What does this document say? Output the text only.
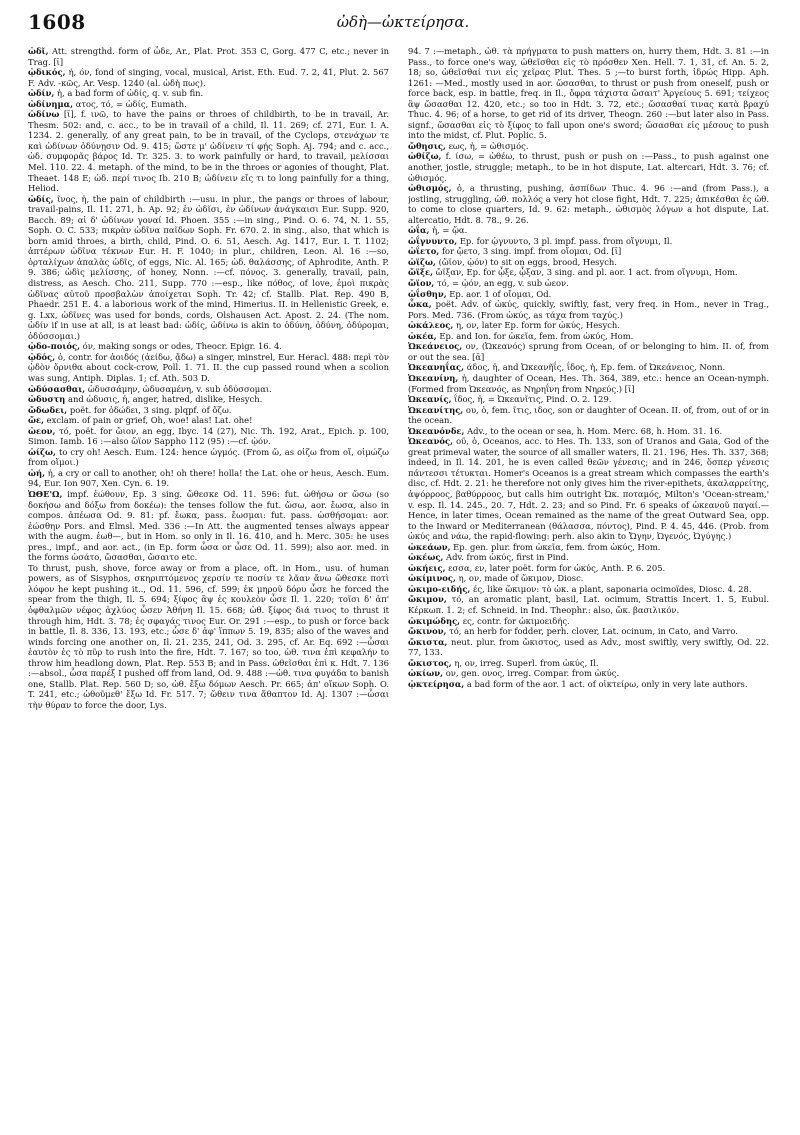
1608	ὠδὴ—ὠκτείρησα.

ὠδῖ, Att. strengthd. form of ὧδε, Ar., Plat. Prot. 353 C, Gorg. 477 C, etc.; never in Trag. [ῑ]

ᾠδικός, ή, όν, fond of singing, vocal, musical, Arist. Eth. Eud. 7. 2, 41, Plut. 2. 567 F. Adv. -κῶς, Ar. Vesp. 1240 (al. ὠδὴ πως).

ὠδίν, ἡ, a bad form of ὠδίς, q. v. sub fin.

ὠδίνημα, ατος, τό, = ὠδίς, Eumath.

ὠδίνω [ῑ], f. ινῶ, to have the pains or throes of childbirth, to be in travail, Ar. Thesm. 502: and, c. acc., to be in travail of a child, Il. 11. 269; cf. 271, Eur. I. A. 1234. 2. generally, of any great pain, to be in travail, of the Cyclops, στενάχων τε καὶ ὠδίνων ὀδύνῃσιν Od. 9. 415; ὥστε μ' ὠδίνειν τί φῄς Soph. Aj. 794; and c. acc., ὠδ. συμφορᾶς βάρος Id. Tr. 325. 3. to work painfully or hard, to travail, μελίσσαι Mel. 110. 22. 4. metaph. of the mind, to be in the throes or agonies of thought, Plat. Theaet. 148 E; ὠδ. περί τινος Ib. 210 B; ὠδίνειν εἴς τι to long painfully for a thing, Heliod.

ὠδίς, ῖνος, ἡ, the pain of childbirth :—usu. in plur., the pangs or throes of labour, travail-pains, Il. 11. 271, h. Ap. 92; ἐν ὠδῖσι, ἐν ὠδίνων ἀνάγκαισι Eur. Supp. 920, Bacch. 89; αἱ δ' ὠδίνων γοναί Id. Phoen. 355 :—in sing., Pind. O. 6. 74, N. 1. 55, Soph. O. C. 533; πικρὰν ὠδῖνα παῖδων Soph. Fr. 670. 2. in sing., also, that which is born amid throes, a birth, child, Pind. O. 6. 51, Aesch. Ag. 1417, Eur. I. T. 1102; ἀπτέρων ὠδῖνα τέκνων Eur. H. F. 1040; in plur., children, Leon. Al. 16 :—so, ὀρταλίχων ἀπαλὰς ὠδῖς, of eggs, Nic. Al. 165; ὠδ. θαλάσσης, of Aphrodite, Anth. P. 9. 386; ὠδὶς μελίσσης, of honey, Nonn. :—cf. πόνος. 3. generally, travail, pain, distress, as Aesch. Cho. 211, Supp. 770 :—esp., like πόθος, of love, ἐμοὶ πικρὰς ὠδῖνας αὐτοῦ προσβαλὼν ἀποίχεται Soph. Tr. 42; cf. Stallb. Plat. Rep. 490 B, Phaedr. 251 E. 4. a laborious work of the mind, Himerius. II. in Hellenistic Greek, e. g. Lxx, ὠδῖνες was used for bonds, cords, Olshausen Act. Apost. 2. 24. (The nom. ὠδίν if in use at all, is at least bad: ὠδίς, ὠδίνω is akin to ὀδύνη, ὀδύνη, ὀδύρομαι, ὀδύσσομαι.)

ᾠδο-ποιός, όν, making songs or odes, Theocr. Epigr. 16. 4.

ᾠδός, ὁ, contr. for ἀοιδός (ἀείδω, ᾄδω) a singer, minstrel, Eur. Heracl. 488: περὶ τὸν ᾠδὸν ὄρνιθα about cock-crow, Poll. 1. 71. II. the cup passed round when a scolion was sung, Antiph. Diplas. 1; cf. Ath. 503 D.

ὠδύσασθαι, ὠδυσσάμην, ὠδυσαμένη, v. sub ὀδύσσομαι.

ὠδυστη and ὠδυσις, ἡ, anger, hatred, dislike, Hesych.

ὤδωδει, poët. for ὀδώδει, 3 sing. plqpf. of ὄζω.

ὤε, exclam. of pain or grief, Oh, woe! alas! Lat. ohe!

ὠεον, τό, poët. for ὤιον, an egg, Ibyc. 14 (27), Nic. Th. 192, Arat., Epich. p. 100, Simon. Iamb. 16 :—also ὤϊον Sappho 112 (95) :—cf. ᾠόν.

ὠίζω, to cry oh! Aesch. Eum. 124: hence ὠγμός. (From ὤ, as οἰζω from οἴ, οἰμώζω from οἴμοι.)

ὠή, ἡ, a cry or call to another, oh! oh there! holla! the Lat. ohe or heus, Aesch. Eum. 94, Eur. Ion 907, Xen. Cyn. 6. 19.

ὨΘΕ'Ω, impf. ἐώθουν, Ep. 3 sing. ὤθεσκε Od. 11. 596: fut. ὠθήσω or ὤσω (so δοκήσω and δόξω from δοκέω): the tenses follow the fut. ὤσω, aor. ἔωσα, also in compos. ἀπέωσα Od. 9. 81: pf. ἔωκα, pass. ἔωσμαι: fut. pass. ὠσθήσομαι: aor. ἐώσθην Pors. and Elmsl. Med. 336 :—In Att. the augmented tenses always appear with the augm. ἐωθ—, but in Hom. so only in Il. 16. 410, and h. Merc. 305: he uses pres., impf., and aor. act., (in Ep. form ὦσα or ὦσε Od. 11. 599); also aor. med. in the forms ὠσάτο, ὤσασθαι, ὤσαιτο etc.

To thrust, push, shove, force away or from a place, oft. in Hom., usu. of human powers, as of Sisyphos, σκηριπτόμενος χερσίν τε ποσίν τε λᾶαν ἄνω ὤθεσκε ποτὶ λόφον he kept pushing it.., Od. 11. 596, cf. 599; ἐκ μηροῦ δόρυ ὦσε he forced the spear from the thigh, Il. 5. 694; ξίφος ἂψ ἐς κουλεὸν ὦσε Il. 1. 220; τοῖσι δ' ἀπ' ὀφθαλμῶν νέφος ἀχλύος ὦσεν Ἀθήνη Il. 15. 668; ὠθ. ξίφος διά τινος to thrust it through him, Hdt. 3. 78; ἐς σφαγάς τινος Eur. Or. 291 :—esp., to push or force back in battle, Il. 8. 336, 13. 193, etc.; ὦσε δ' ἀφ' ἵππων 5. 19, 835; also of the waves and winds forcing one another on, Il. 21. 235, 241, Od. 3. 295, cf. Ar. Eq. 692 :—ὦσαι ἑαυτὸν ἐς τὸ πῦρ to rush into the fire, Hdt. 7. 167; so too, ὠθ. τινα ἐπὶ κεφαλήν to throw him headlong down, Plat. Rep. 553 B; and in Pass. ὠθεῖσθαι ἐπὶ κ. Hdt. 7. 136 :—absol., ὦσα παρέξ I pushed off from land, Od. 9. 488 :—ὠθ. τινα φυγάδα to banish one, Stallb. Plat. Rep. 560 D; so, ὠθ. ἔξω δόμων Aesch. Pr. 665; ἀπ' οἴκων Soph. O. T. 241, etc.; ὠθοῦμεθ' ἔξω Id. Fr. 517. 7; ὤθειν τινα ἄθαπτον Id. Aj. 1307 :—ὦσαι τὴν θύραν to force the door, Lys.

94. 7 :—metaph., ὠθ. τὰ πρήγματα to push matters on, hurry them, Hdt. 3. 81 :—in Pass., to force one's way, ὠθεῖσθαι εἰς τὸ πρόσθεν Xen. Hell. 7. 1, 31, cf. An. 5. 2, 18; so, ὠθεῖσθαί τινι εἰς χεῖρας Plut. Thes. 5 ;—to burst forth, ἱδρώς Hipp. Aph. 1261: —Med., mostly used in aor. ὤσασθαι, to thrust or push from oneself, push or force back, esp. in battle, freq. in Il., ὄφρα τάχιστα ὤσαιτ' Ἀργείους 5. 691; τείχεος ἂψ ὤσασθαι 12. 420, etc.; so too in Hdt. 3. 72, etc.; ὤσασθαί τινας κατὰ βραχύ Thuc. 4. 96; of a horse, to get rid of its driver, Theogn. 260 :—but later also in Pass. signf., ὤσασθαι εἰς τὸ ξίφος to fall upon one's sword; ὤσασθαι εἰς μέσους to push into the midst, cf. Plut. Poplic. 5.

ὤθησις, εως, ἡ, = ὠθισμός.

ὠθίζω, f. ίσω, = ὠθέω, to thrust, push or push on :—Pass., to push against one another, jostle, struggle; metaph., to be in hot dispute, Lat. altercari, Hdt. 3. 76; cf. ὠθισμός.

ὠθισμός, ὁ, a thrusting, pushing, ἀσπίδων Thuc. 4. 96 :—and (from Pass.), a jostling, struggling, ὠθ. πολλός a very hot close fight, Hdt. 7. 225; ἀπικέσθαι ἐς ὠθ. to come to close quarters, Id. 9. 62: metaph., ὠθισμὸς λόγων a hot dispute, Lat. altercatio, Hdt. 8. 78., 9. 26.

ὠΐα, ἡ, = ᾤα.

ὠΐγνυντο, Ep. for ᾠγνυντο, 3 pl. impf. pass. from οἴγνυμι, Il.

ὠΐετο, for ᾤετο, 3 sing. impf. from οἴομαι, Od. [ῑ]

ὠϊζω, (ὤϊον, ᾠόν) to sit on eggs, brood, Hesych.

ὤϊξε, ὤϊξαν, Ep. for ᾦξε, ᾦξαν, 3 sing. and pl. aor. 1 act. from οἴγνυμι, Hom.

ὤϊον, τό, = ᾠόν, an egg, v. sub ὠεον.

ὠΐσθην, Ep. aor. 1 of οἴομαι, Od.

ὦκα, poët. Adv. of ὠκύς, quickly, swiftly, fast, very freq. in Hom., never in Trag., Pors. Med. 736. (From ὠκύς, as τάχα from ταχύς.)

ὠκάλεος, η, ον, later Ep. form for ὠκύς, Hesych.

ὠκέα, Ep. and Ion. for ὠκεῖα, fem. from ὠκύς, Hom.

Ὠκεάνειος, ον, (Ὠκεανός) sprung from Ocean, of or belonging to him. II. of, from or out the sea. [ᾱ]

Ὠκεανηΐας, άδος, ἡ, and Ὠκεανῆΐς, ΐδος, ἡ, Ep. fem. of Ὠκεάνειος, Nonn.

Ὠκεανίνη, ἡ, daughter of Ocean, Hes. Th. 364, 389, etc.: hence an Ocean-nymph. (Formed from Ὠκεανός, as Νηρηΐνη from Νηρεύς.) [ῑ]

Ὠκεανίς, ΐδος, ἡ, = Ὠκεανῖτις, Pind. O. 2. 129.

Ὠκεανίτης, ου, ὁ, fem. ῖτις, ιδος, son or daughter of Ocean. II. of, from, out of or in the ocean.

Ὠκεανόνδε, Adv., to the ocean or sea, h. Hom. Merc. 68, h. Hom. 31. 16.

Ὠκεανός, οῦ, ὁ, Oceanos, acc. to Hes. Th. 133, son of Uranos and Gaia, God of the great primeval water, the source of all smaller waters, Il. 21. 196, Hes. Th. 337, 368; indeed, in Il. 14. 201, he is even called θεῶν γένεσις; and in 246, ὅσπερ γένεσις πάντεσσι τέτυκται. Homer's Oceanos is a great stream which compasses the earth's disc, cf. Hdt. 2. 21: he therefore not only gives him the river-epithets, ἀκαλαρρείτης, ἀψόρροος, βαθύρροος, but calls him outright Ὠκ. ποταμός, Milton's 'Ocean-stream,' v. esp. Il. 14. 245., 20. 7, Hdt. 2. 23; and so Pind. Fr. 6 speaks of ὠκεανοῦ παγαί.—Hence, in later times, Ocean remained as the name of the great Outward Sea, opp. to the Inward or Mediterranean (θάλασσα, πόντος), Pind. P. 4. 45, 446. (Prob. from ὠκύς and νάω, the rapid-flowing: perh. also akin to Ὤγην, Ὠγενός, Ὠγύγης.)

ὠκεάων, Ep. gen. plur. from ὠκεῖα, fem. from ὠκύς, Hom.

ὠκέως, Adv. from ὠκύς, first in Pind.

ὠκήεις, εσσα, εν, later poët. form for ὠκύς, Anth. P. 6. 205.

ὠκίμινος, η, ον, made of ὤκιμον, Diosc.

ὠκιμο-ειδής, ές, like ὤκιμον: τὸ ὠκ. a plant, saponaria ocimoïdes, Diosc. 4. 28.

ὤκιμον, τό, an aromatic plant, basil, Lat. ocimum, Strattis Incert. 1. 5, Eubul. Κέρκωπ. 1. 2; cf. Schneid. in Ind. Theophr.: also, ὤκ. βασιλικόν.

ὠκιμώδης, ες, contr. for ὠκιμοειδής.

ὤκινον, τό, an herb for fodder, perh. clover, Lat. ocinum, in Cato, and Varro.

ὤκιστα, neut. plur. from ὤκιστος, used as Adv., most swiftly, very swiftly, Od. 22. 77, 133.

ὤκιστος, η, ον, irreg. Superl. from ὠκύς, Il.

ὠκίων, ον, gen. ονος, irreg. Compar. from ὠκύς.

ᾠκτείρησα, a bad form of the aor. 1 act. of οἰκτείρω, only in very late authors.
